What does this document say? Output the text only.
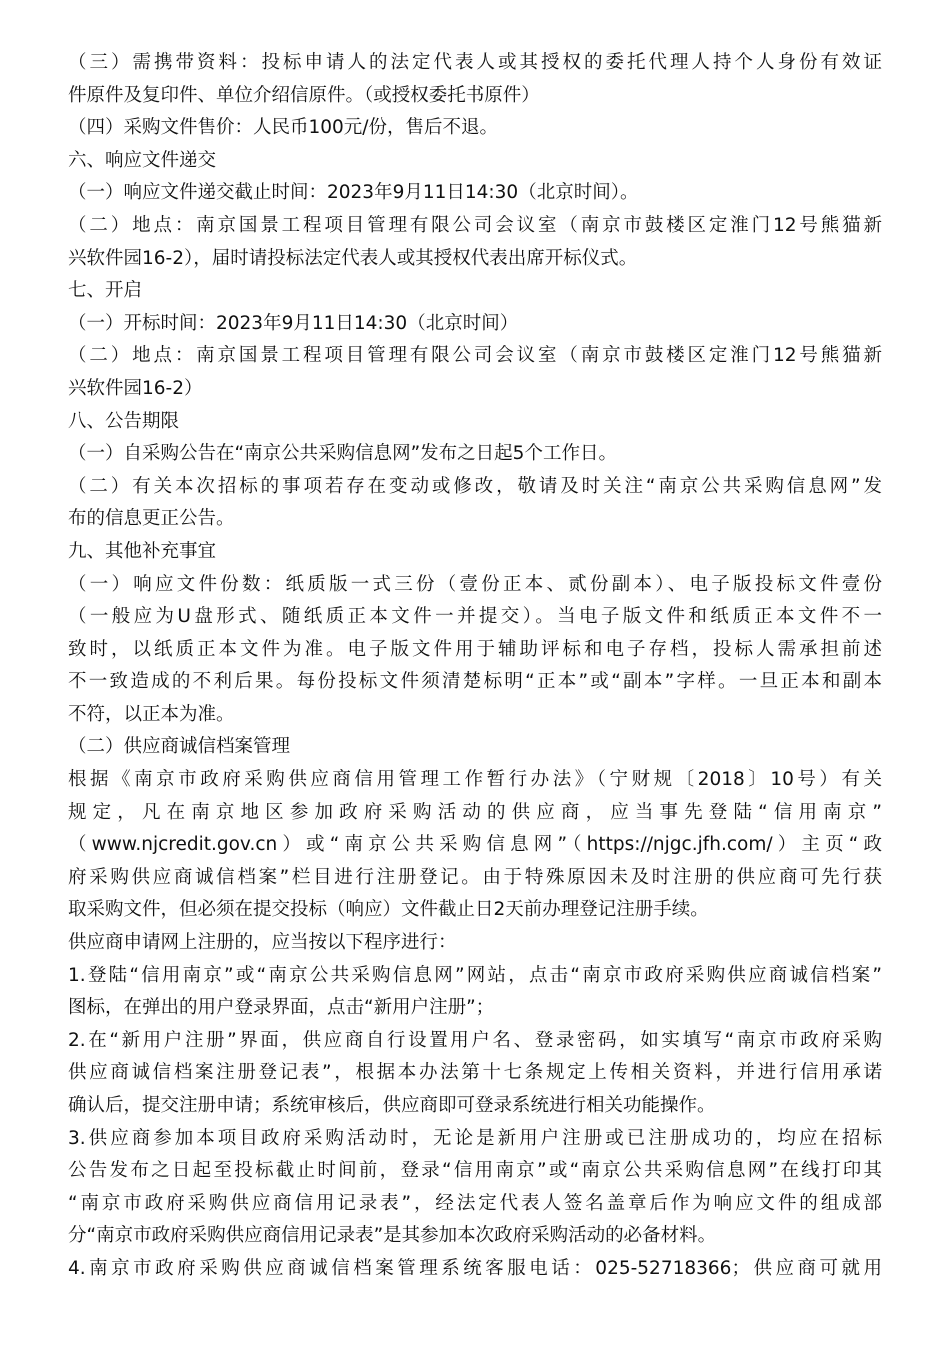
（三）需携带资料：投标申请人的法定代表人或其授权的委托代理人持个人身份有效证
件原件及复印件、单位介绍信原件。（或授权委托书原件）
（四）采购文件售价：人民币100元/份，售后不退。
六、响应文件递交
（一）响应文件递交截止时间：2023年9月11日14:30（北京时间）。
（二）地点：南京国景工程项目管理有限公司会议室（南京市鼓楼区定淮门12号熊猫新
兴软件园16-2），届时请投标法定代表人或其授权代表出席开标仪式。
七、开启
（一）开标时间：2023年9月11日14:30（北京时间）
（二）地点：南京国景工程项目管理有限公司会议室（南京市鼓楼区定淮门12号熊猫新
兴软件园16-2）
八、公告期限
（一）自采购公告在“南京公共采购信息网”发布之日起5个工作日。
（二）有关本次招标的事项若存在变动或修改，敬请及时关注“南京公共采购信息网”发
布的信息更正公告。
九、其他补充事宜
（一）响应文件份数：纸质版一式三份（壹份正本、贰份副本）、电子版投标文件壹份
（一般应为U盘形式、随纸质正本文件一并提交）。当电子版文件和纸质正本文件不一
致时，以纸质正本文件为准。电子版文件用于辅助评标和电子存档，投标人需承担前述
不一致造成的不利后果。每份投标文件须清楚标明“正本”或“副本”字样。一旦正本和副本
不符，以正本为准。
（二）供应商诚信档案管理
根据《南京市政府采购供应商信用管理工作暂行办法》（宁财规〔2018〕10号）有关
规定，凡在南京地区参加政府采购活动的供应商，应当事先登陆“信用南京”
（www.njcredit.gov.cn）或“南京公共采购信息网”（https://njgc.jfh.com/）主页“政
府采购供应商诚信档案”栏目进行注册登记。由于特殊原因未及时注册的供应商可先行获
取采购文件，但必须在提交投标（响应）文件截止日2天前办理登记注册手续。
供应商申请网上注册的，应当按以下程序进行：
1.登陆“信用南京”或“南京公共采购信息网”网站，点击“南京市政府采购供应商诚信档案”
图标，在弹出的用户登录界面，点击“新用户注册”；
2.在“新用户注册”界面，供应商自行设置用户名、登录密码，如实填写“南京市政府采购
供应商诚信档案注册登记表”，根据本办法第十七条规定上传相关资料，并进行信用承诺
确认后，提交注册申请；系统审核后，供应商即可登录系统进行相关功能操作。
3.供应商参加本项目政府采购活动时，无论是新用户注册或已注册成功的，均应在招标
公告发布之日起至投标截止时间前，登录“信用南京”或“南京公共采购信息网”在线打印其
“南京市政府采购供应商信用记录表”，经法定代表人签名盖章后作为响应文件的组成部
分“南京市政府采购供应商信用记录表”是其参加本次政府采购活动的必备材料。
4.南京市政府采购供应商诚信档案管理系统客服电话：025-52718366；供应商可就用
